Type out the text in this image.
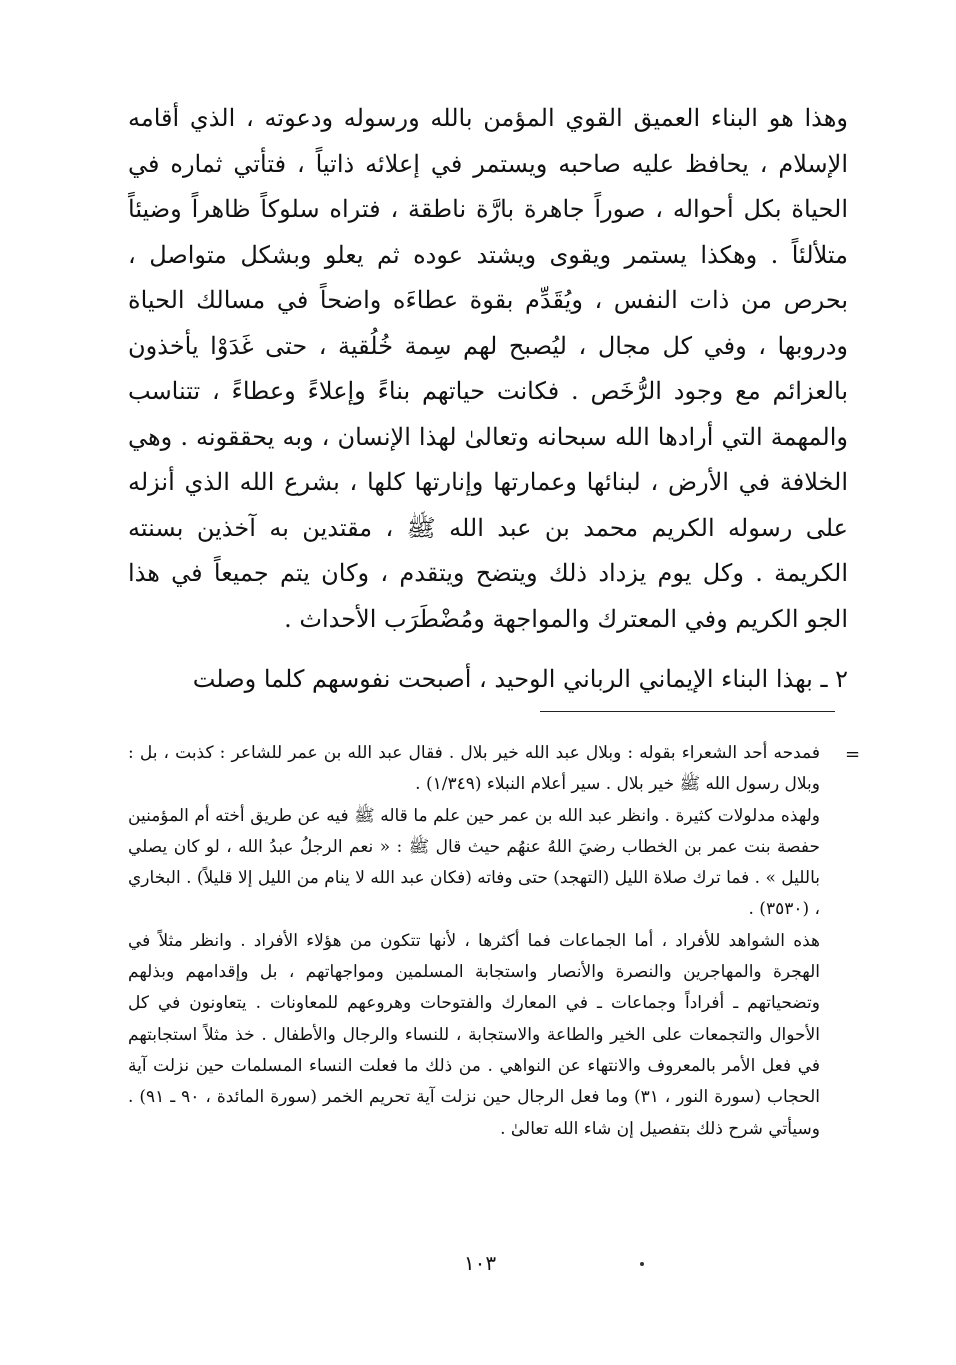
وهذا هو البناء العميق القوي المؤمن بالله ورسوله ودعوته ، الذي أقامه الإسلام ، يحافظ عليه صاحبه ويستمر في إعلائه ذاتياً ، فتأتي ثماره في الحياة بكل أحواله ، صوراً جاهرة بارَّة ناطقة ، فتراه سلوكاً ظاهراً وضيئاً متلألئاً . وهكذا يستمر ويقوى ويشتد عوده ثم يعلو وبشكل متواصل ، بحرص من ذات النفس ، ويُقَدِّم بقوة عطاءَه واضحاً في مسالك الحياة ودروبها ، وفي كل مجال ، ليُصبح لهم سِمة خُلُقية ، حتى غَدَوْا يأخذون بالعزائم مع وجود الرُّخَص . فكانت حياتهم بناءً وإعلاءً وعطاءً ، تتناسب والمهمة التي أرادها الله سبحانه وتعالىٰ لهذا الإنسان ، وبه يحققونه . وهي الخلافة في الأرض ، لبنائها وعمارتها وإنارتها كلها ، بشرع الله الذي أنزله على رسوله الكريم محمد بن عبد الله ﷺ ، مقتدين به آخذين بسنته الكريمة . وكل يوم يزداد ذلك ويتضح ويتقدم ، وكان يتم جميعاً في هذا الجو الكريم وفي المعترك والمواجهة ومُضْطَرَب الأحداث .

٢ ـ بهذا البناء الإيماني الرباني الوحيد ، أصبحت نفوسهم كلما وصلت

=

فمدحه أحد الشعراء بقوله : وبلال عبد الله خير بلال . فقال عبد الله بن عمر للشاعر : كذبت ، بل : وبلال رسول الله ﷺ خير بلال . سير أعلام النبلاء (١/٣٤٩) .

ولهذه مدلولات كثيرة . وانظر عبد الله بن عمر حين علم ما قاله ﷺ فيه عن طريق أخته أم المؤمنين حفصة بنت عمر بن الخطاب رضيَ اللهُ عنهُم حيث قال ﷺ : « نعم الرجلُ عبدُ الله ، لو كان يصلي بالليل » . فما ترك صلاة الليل (التهجد) حتى وفاته (فكان عبد الله لا ينام من الليل إلا قليلاً) . البخاري ، (٣٥٣٠) .

هذه الشواهد للأفراد ، أما الجماعات فما أكثرها ، لأنها تتكون من هؤلاء الأفراد . وانظر مثلاً في الهجرة والمهاجرين والنصرة والأنصار واستجابة المسلمين ومواجهاتهم ، بل وإقدامهم وبذلهم وتضحياتهم ـ أفراداً وجماعات ـ في المعارك والفتوحات وهروعهم للمعاونات . يتعاونون في كل الأحوال والتجمعات على الخير والطاعة والاستجابة ، للنساء والرجال والأطفال . خذ مثلاً استجابتهم في فعل الأمر بالمعروف والانتهاء عن النواهي . من ذلك ما فعلت النساء المسلمات حين نزلت آية الحجاب (سورة النور ، ٣١) وما فعل الرجال حين نزلت آية تحريم الخمر (سورة المائدة ، ٩٠ ـ ٩١) . وسيأتي شرح ذلك بتفصيل إن شاء الله تعالىٰ .

١٠٣
